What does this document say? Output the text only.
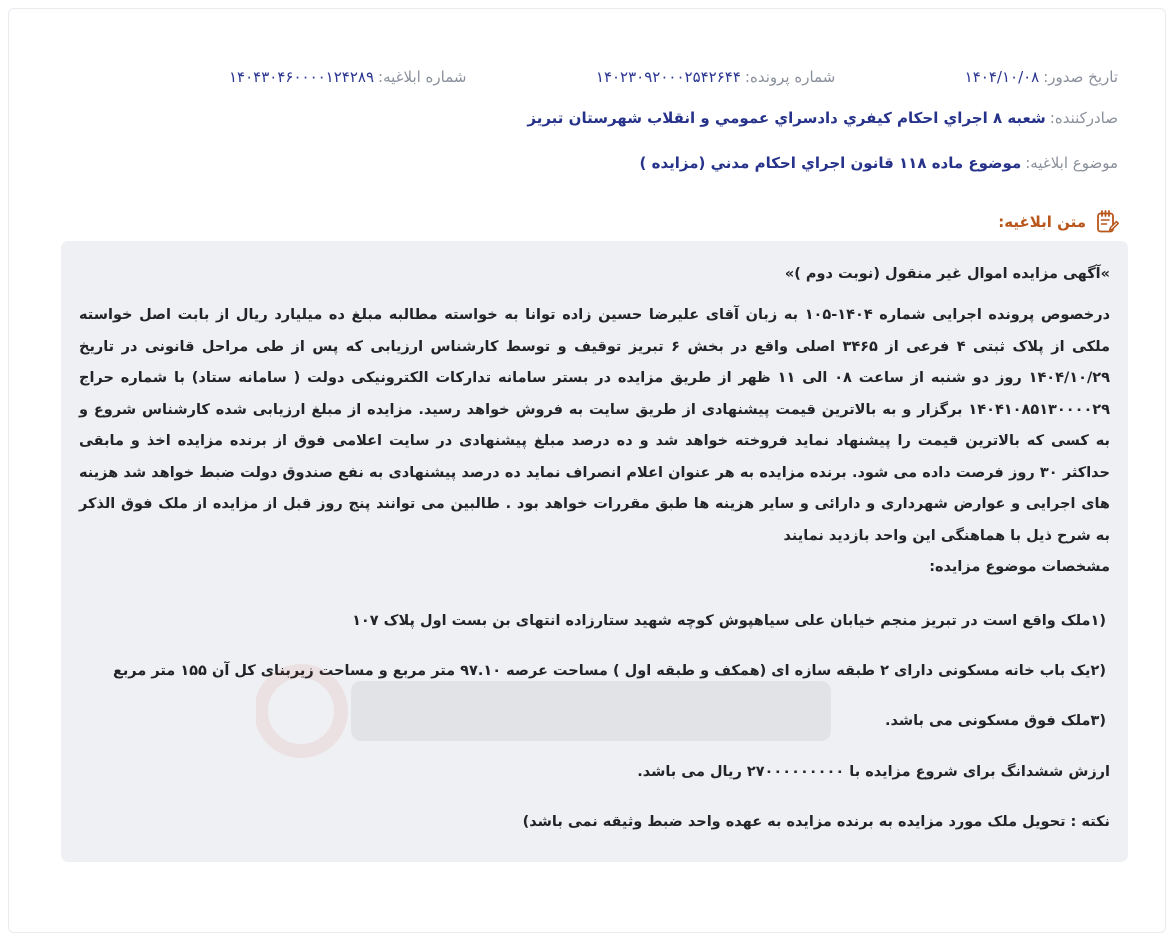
شماره ابلاغیه:
۱۴۰۴۳۰۴۶۰۰۰۰۱۲۴۲۸۹	شماره پرونده:
۱۴۰۲۳۰۹۲۰۰۰۲۵۴۲۶۴۴	تاریخ صدور:
۱۴۰۴/۱۰/۰۸
صادرکننده:
شعبه ۸ اجراي احکام کيفري دادسراي عمومي و انقلاب شهرستان تبريز
موضوع ابلاغیه:
موضوع ماده ۱۱۸ قانون اجراي احکام مدني (مزايده )
متن ابلاغیه:

»آگهی مزایده اموال غیر منقول (نوبت دوم )»

درخصوص پرونده اجرایی شماره ۱۴۰۴-۱۰۵ به زبان آقای علیرضا حسین زاده توانا به خواسته مطالبه مبلغ ده میلیارد ریال از بابت اصل خواسته ملکی از پلاک ثبتی ۴ فرعی از ۳۴۶۵ اصلی واقع در بخش ۶ تبریز توقیف و توسط کارشناس ارزیابی که پس از طی مراحل قانونی در تاریخ ۱۴۰۴/۱۰/۲۹ روز دو شنبه از ساعت ۰۸ الی ۱۱ ظهر از طریق مزایده در بستر سامانه تدارکات الکترونیکی دولت ( سامانه ستاد) با شماره حراج ۱۴۰۴۱۰۸۵۱۳۰۰۰۰۲۹ برگزار و به بالاترین قیمت پیشنهادی از طریق سایت به فروش خواهد رسید. مزایده از مبلغ ارزیابی شده کارشناس شروع و به کسی که بالاترین قیمت را پیشنهاد نماید فروخته خواهد شد و ده درصد مبلغ پیشنهادی در سایت اعلامی فوق از برنده مزایده اخذ و مابقی حداکثر ۳۰ روز فرصت داده می شود. برنده مزایده به هر عنوان اعلام انصراف نماید ده درصد پیشنهادی به نفع صندوق دولت ضبط خواهد شد هزینه های اجرایی و عوارض شهرداری و دارائی و سایر هزینه ها طبق مقررات خواهد بود . طالبین می توانند پنج روز قبل از مزایده از ملک فوق الذکر به شرح ذیل با هماهنگی این واحد بازدید نمایند

مشخصات موضوع مزایده:

(۱ملک واقع است در تبریز منجم خیابان علی سیاهپوش کوچه شهید ستارزاده انتهای بن بست اول پلاک ۱۰۷

(۲یک باب خانه مسکونی دارای ۲ طبقه سازه ای (همکف و طبقه اول ) مساحت عرصه ۹۷.۱۰ متر مربع و مساحت زیربنای کل آن ۱۵۵ متر مربع

(۳ملک فوق مسکونی می باشد.

ارزش ششدانگ برای شروع مزایده با ۲۷۰۰۰۰۰۰۰۰۰ ریال می باشد.

نکته : تحویل ملک مورد مزایده به برنده مزایده به عهده واحد ضبط وثیقه نمی باشد)
